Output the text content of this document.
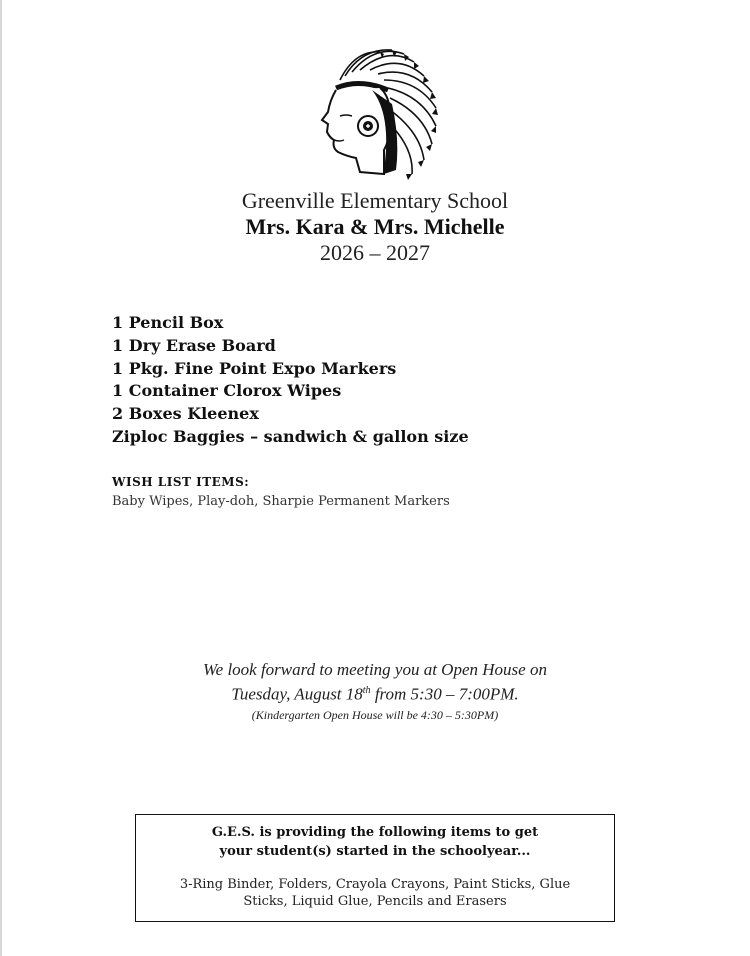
Greenville Elementary School
Mrs. Kara & Mrs. Michelle
2026 – 2027
1 Pencil Box
1 Dry Erase Board
1 Pkg. Fine Point Expo Markers
1 Container Clorox Wipes
2 Boxes Kleenex
Ziploc Baggies – sandwich & gallon size
WISH LIST ITEMS:
Baby Wipes, Play-doh, Sharpie Permanent Markers
We look forward to meeting you at Open House on
Tuesday, August 18th from 5:30 – 7:00PM.
(Kindergarten Open House will be 4:30 – 5:30PM)
G.E.S. is providing the following items to get your student(s) started in the schoolyear...
3-Ring Binder, Folders, Crayola Crayons, Paint Sticks, Glue Sticks, Liquid Glue, Pencils and Erasers
